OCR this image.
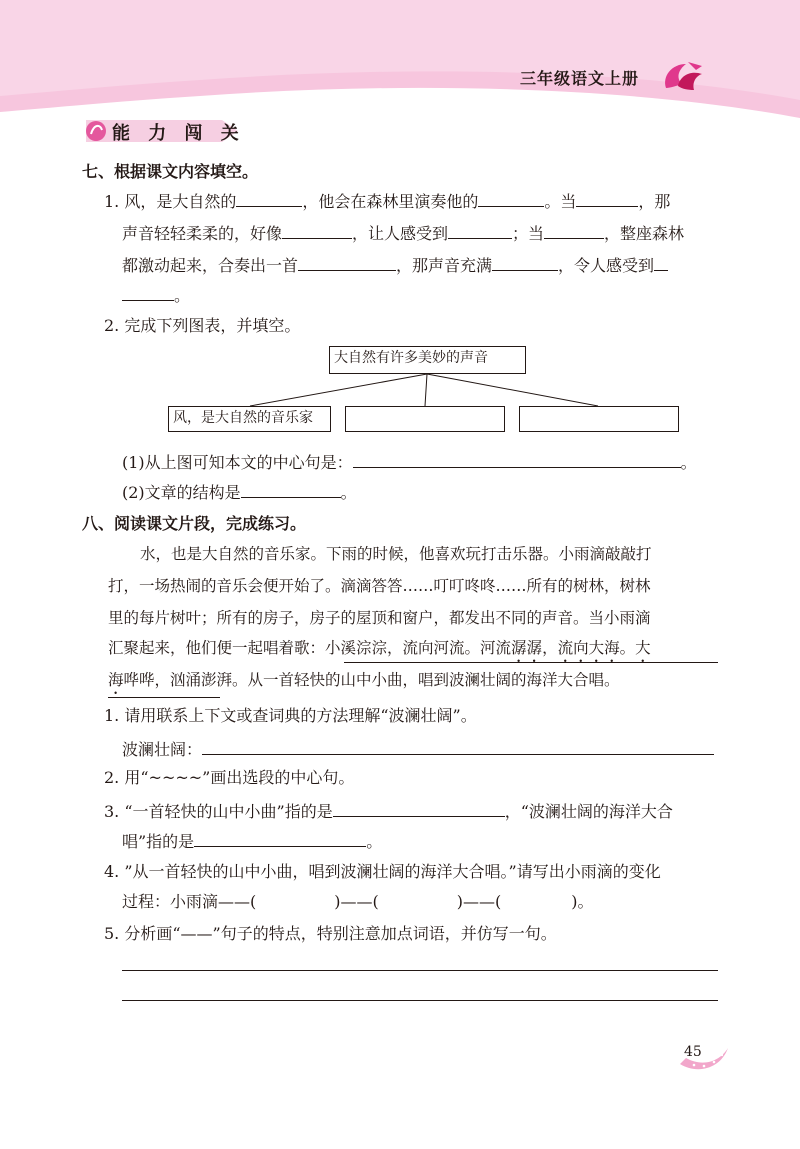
三年级语文上册
能 力 闯 关
七、根据课文内容填空。
1. 风，是大自然的	，他会在森林里演奏他的	。当	，那
声音轻轻柔柔的，好像	，让人感受到	；当	，整座森林
都激动起来，合奏出一首	，那声音充满	，令人感受到
。
2. 完成下列图表，并填空。
大自然有许多美妙的声音
风，是大自然的音乐家
(1)从上图可知本文的中心句是：	。
(2)文章的结构是	。
八、阅读课文片段，完成练习。
水，也是大自然的音乐家。下雨的时候，他喜欢玩打击乐器。小雨滴敲敲打
打，一场热闹的音乐会便开始了。滴滴答答……叮叮咚咚……所有的树林，树林
里的每片树叶；所有的房子，房子的屋顶和窗户，都发出不同的声音。当小雨滴
汇聚起来，他们便一起唱着歌：小溪淙淙，流向河流。河流潺潺，流向大海。大
海哗哗，汹涌澎湃。从一首轻快的山中小曲，唱到波澜壮阔的海洋大合唱。
1. 请用联系上下文或查词典的方法理解“波澜壮阔”。
波澜壮阔：
2. 用“~~~~”画出选段的中心句。
3. “一首轻快的山中小曲”指的是	，“波澜壮阔的海洋大合
唱”指的是	。
4. ”从一首轻快的山中小曲，唱到波澜壮阔的海洋大合唱。”请写出小雨滴的变化
过程：小雨滴——(	)——(	)——(	)。
5. 分析画“——”句子的特点，特别注意加点词语，并仿写一句。
45
